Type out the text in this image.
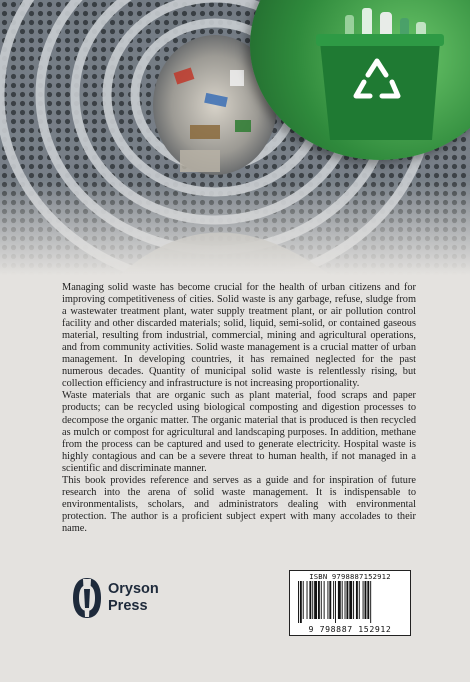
Managing solid waste has become crucial for the health of urban citizens and for improving competitiveness of cities. Solid waste is any garbage, refuse, sludge from a wastewater treatment plant, water supply treatment plant, or air pollution control facility and other discarded materials; solid, liquid, semi-solid, or contained gaseous material, resulting from industrial, commercial, mining and agricultural operations, and from community activities. Solid waste management is a crucial matter of urban management. In developing countries, it has remained neglected for the past numerous decades. Quantity of municipal solid waste is relentlessly rising, but collection efficiency and infrastructure is not increasing proportionality.

Waste materials that are organic such as plant material, food scraps and paper products; can be recycled using biological composting and digestion processes to decompose the organic matter. The organic material that is produced is then recycled as mulch or compost for agricultural and landscaping purposes. In addition, methane from the process can be captured and used to generate electricity. Hospital waste is highly contagious and can be a severe threat to human health, if not managed in a scientific and discriminate manner.

This book provides reference and serves as a guide and for inspiration of future research into the arena of solid waste management. It is indispensable to environmentalists, scholars, and administrators dealing with environmental protection. The author is a proficient subject expert with many accolades to their name.

Oryson
Press
ISBN 9798887152912
9 798887 152912
